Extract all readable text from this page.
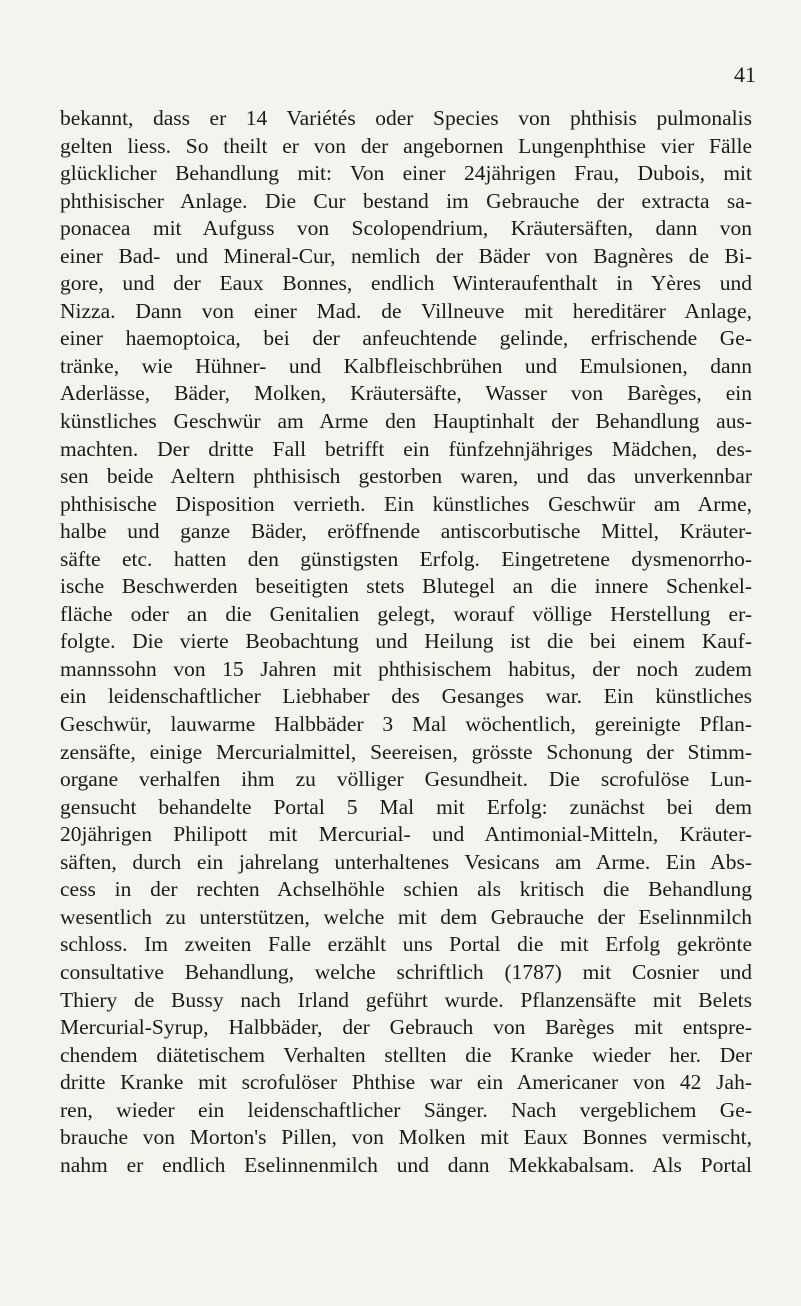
41
bekannt, dass er 14 Variétés oder Species von phthisis pulmonalis
gelten liess. So theilt er von der angebornen Lungenphthise vier Fälle
glücklicher Behandlung mit: Von einer 24jährigen Frau, Dubois, mit
phthisischer Anlage. Die Cur bestand im Gebrauche der extracta sa-
ponacea mit Aufguss von Scolopendrium, Kräutersäften, dann von
einer Bad- und Mineral-Cur, nemlich der Bäder von Bagnères de Bi-
gore, und der Eaux Bonnes, endlich Winteraufenthalt in Yères und
Nizza. Dann von einer Mad. de Villneuve mit hereditärer Anlage,
einer haemoptoica, bei der anfeuchtende gelinde, erfrischende Ge-
tränke, wie Hühner- und Kalbfleischbrühen und Emulsionen, dann
Aderlässe, Bäder, Molken, Kräutersäfte, Wasser von Barèges, ein
künstliches Geschwür am Arme den Hauptinhalt der Behandlung aus-
machten. Der dritte Fall betrifft ein fünfzehnjähriges Mädchen, des-
sen beide Aeltern phthisisch gestorben waren, und das unverkennbar
phthisische Disposition verrieth. Ein künstliches Geschwür am Arme,
halbe und ganze Bäder, eröffnende antiscorbutische Mittel, Kräuter-
säfte etc. hatten den günstigsten Erfolg. Eingetretene dysmenorrho-
ische Beschwerden beseitigten stets Blutegel an die innere Schenkel-
fläche oder an die Genitalien gelegt, worauf völlige Herstellung er-
folgte. Die vierte Beobachtung und Heilung ist die bei einem Kauf-
mannssohn von 15 Jahren mit phthisischem habitus, der noch zudem
ein leidenschaftlicher Liebhaber des Gesanges war. Ein künstliches
Geschwür, lauwarme Halbbäder 3 Mal wöchentlich, gereinigte Pflan-
zensäfte, einige Mercurialmittel, Seereisen, grösste Schonung der Stimm-
organe verhalfen ihm zu völliger Gesundheit. Die scrofulöse Lun-
gensucht behandelte Portal 5 Mal mit Erfolg: zunächst bei dem
20jährigen Philipott mit Mercurial- und Antimonial-Mitteln, Kräuter-
säften, durch ein jahrelang unterhaltenes Vesicans am Arme. Ein Abs-
cess in der rechten Achselhöhle schien als kritisch die Behandlung
wesentlich zu unterstützen, welche mit dem Gebrauche der Eselinnmilch
schloss. Im zweiten Falle erzählt uns Portal die mit Erfolg gekrönte
consultative Behandlung, welche schriftlich (1787) mit Cosnier und
Thiery de Bussy nach Irland geführt wurde. Pflanzensäfte mit Belets
Mercurial-Syrup, Halbbäder, der Gebrauch von Barèges mit entspre-
chendem diätetischem Verhalten stellten die Kranke wieder her. Der
dritte Kranke mit scrofulöser Phthise war ein Americaner von 42 Jah-
ren, wieder ein leidenschaftlicher Sänger. Nach vergeblichem Ge-
brauche von Morton's Pillen, von Molken mit Eaux Bonnes vermischt,
nahm er endlich Eselinnenmilch und dann Mekkabalsam. Als Portal
